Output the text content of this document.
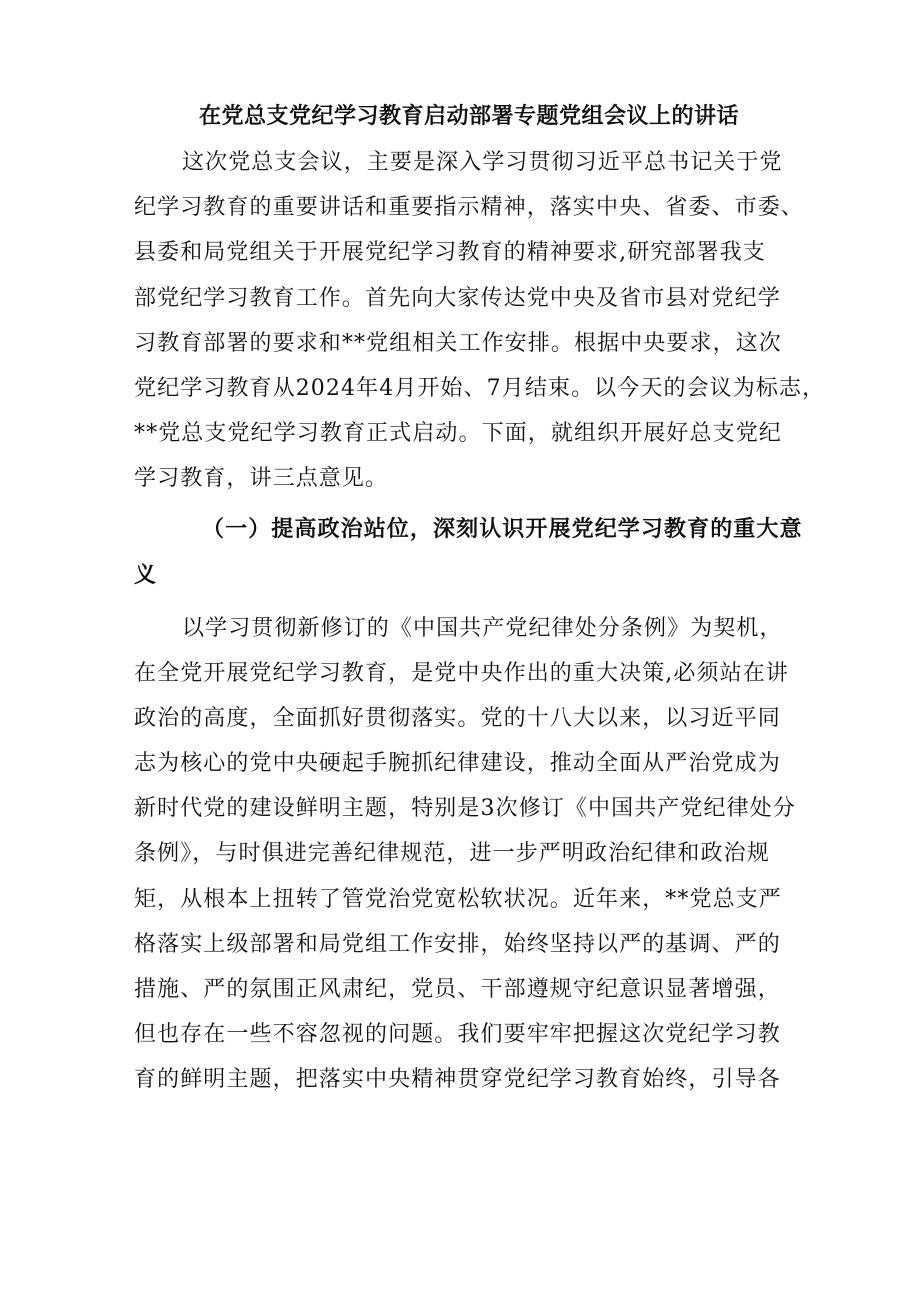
在党总支党纪学习教育启动部署专题党组会议上的讲话
这次党总支会议，主要是深入学习贯彻习近平总书记关于党
纪学习教育的重要讲话和重要指示精神，落实中央、省委、市委、
县委和局党组关于开展党纪学习教育的精神要求,研究部署我支
部党纪学习教育工作。首先向大家传达党中央及省市县对党纪学
习教育部署的要求和**党组相关工作安排。根据中央要求，这次
党纪学习教育从2024年4月开始、7月结束。以今天的会议为标志，
**党总支党纪学习教育正式启动。下面，就组织开展好总支党纪
学习教育，讲三点意见。
（一）提高政治站位，深刻认识开展党纪学习教育的重大意
义
以学习贯彻新修订的《中国共产党纪律处分条例》为契机，
在全党开展党纪学习教育，是党中央作出的重大决策,必须站在讲
政治的高度，全面抓好贯彻落实。党的十八大以来，以习近平同
志为核心的党中央硬起手腕抓纪律建设，推动全面从严治党成为
新时代党的建设鲜明主题，特别是3次修订《中国共产党纪律处分
条例》，与时俱进完善纪律规范，进一步严明政治纪律和政治规
矩，从根本上扭转了管党治党宽松软状况。近年来，**党总支严
格落实上级部署和局党组工作安排，始终坚持以严的基调、严的
措施、严的氛围正风肃纪，党员、干部遵规守纪意识显著增强，
但也存在一些不容忽视的问题。我们要牢牢把握这次党纪学习教
育的鲜明主题，把落实中央精神贯穿党纪学习教育始终，引导各
